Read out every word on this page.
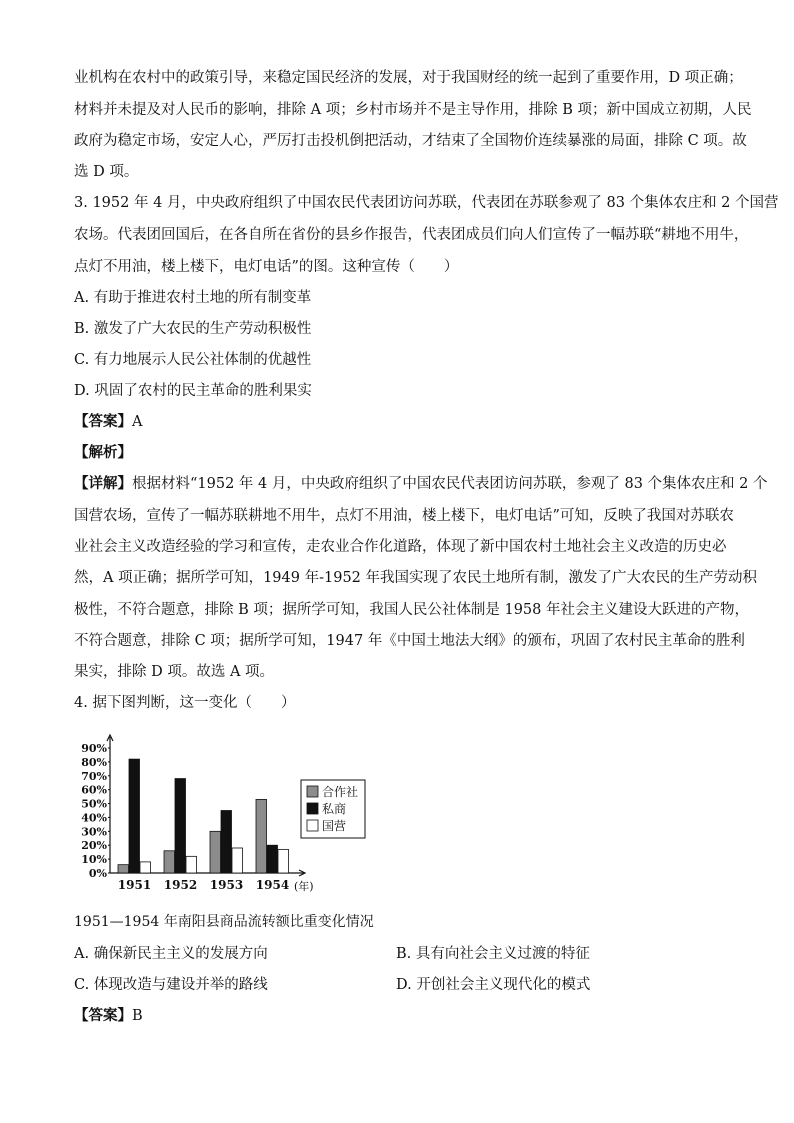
业机构在农村中的政策引导，来稳定国民经济的发展，对于我国财经的统一起到了重要作用，D 项正确；
材料并未提及对人民币的影响，排除 A 项；乡村市场并不是主导作用，排除 B 项；新中国成立初期，人民
政府为稳定市场，安定人心，严厉打击投机倒把活动，才结束了全国物价连续暴涨的局面，排除 C 项。故
选 D 项。
3. 1952 年 4 月，中央政府组织了中国农民代表团访问苏联，代表团在苏联参观了 83 个集体农庄和 2 个国营
农场。代表团回国后，在各自所在省份的县乡作报告，代表团成员们向人们宣传了一幅苏联“耕地不用牛，
点灯不用油，楼上楼下，电灯电话”的图。这种宣传（　　）
A. 有助于推进农村土地的所有制变革
B. 激发了广大农民的生产劳动积极性
C. 有力地展示人民公社体制的优越性
D. 巩固了农村的民主革命的胜利果实
【答案】A
【解析】
【详解】根据材料“1952 年 4 月，中央政府组织了中国农民代表团访问苏联，参观了 83 个集体农庄和 2 个
国营农场，宣传了一幅苏联耕地不用牛，点灯不用油，楼上楼下，电灯电话”可知，反映了我国对苏联农
业社会主义改造经验的学习和宣传，走农业合作化道路，体现了新中国农村土地社会主义改造的历史必
然，A 项正确；据所学可知，1949 年-1952 年我国实现了农民土地所有制，激发了广大农民的生产劳动积
极性，不符合题意，排除 B 项；据所学可知，我国人民公社体制是 1958 年社会主义建设大跃进的产物，
不符合题意，排除 C 项；据所学可知，1947 年《中国土地法大纲》的颁布，巩固了农村民主革命的胜利
果实，排除 D 项。故选 A 项。
4. 据下图判断，这一变化（　　）
0%
10%
20%
30%
40%
50%
60%
70%
80%
90%
1951 1952 1953 1954 (年)
合作社
私商
国营
1951—1954 年南阳县商品流转额比重变化情况
A. 确保新民主主义的发展方向	B. 具有向社会主义过渡的特征
C. 体现改造与建设并举的路线	D. 开创社会主义现代化的模式
【答案】B
